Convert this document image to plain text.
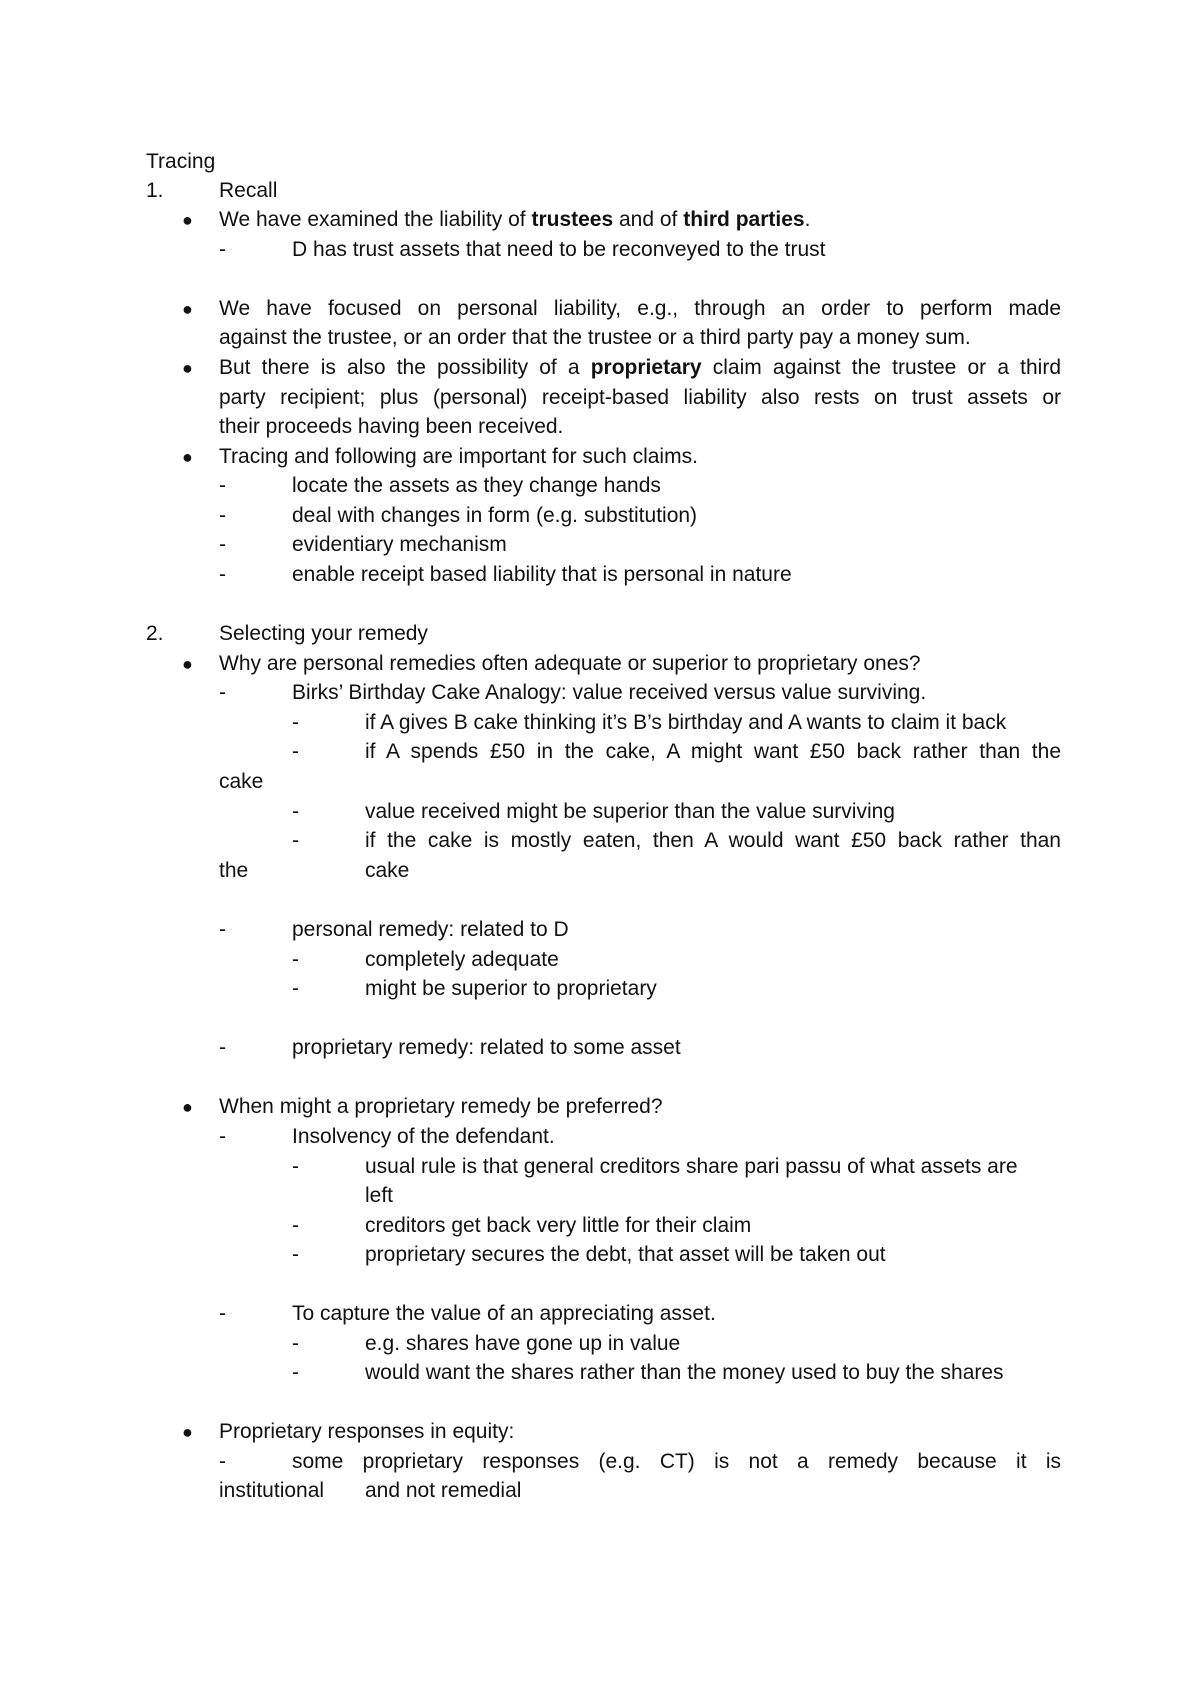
Tracing
1.	Recall
● We have examined the liability of trustees and of third parties.
-	D has trust assets that need to be reconveyed to the trust
● We have focused on personal liability, e.g., through an order to perform made
against the trustee, or an order that the trustee or a third party pay a money sum.
● But there is also the possibility of a proprietary claim against the trustee or a third
party recipient; plus (personal) receipt-based liability also rests on trust assets or
their proceeds having been received.
● Tracing and following are important for such claims.
-	locate the assets as they change hands
-	deal with changes in form (e.g. substitution)
-	evidentiary mechanism
-	enable receipt based liability that is personal in nature
2.	Selecting your remedy
● Why are personal remedies often adequate or superior to proprietary ones?
-	Birks’ Birthday Cake Analogy: value received versus value surviving.
-	if A gives B cake thinking it’s B’s birthday and A wants to claim it back
-	if A spends £50 in the cake, A might want £50 back rather than the
cake
-	value received might be superior than the value surviving
-	if the cake is mostly eaten, then A would want £50 back rather than
the	cake
-	personal remedy: related to D
-	completely adequate
-	might be superior to proprietary
-	proprietary remedy: related to some asset
● When might a proprietary remedy be preferred?
-	Insolvency of the defendant.
-	usual rule is that general creditors share pari passu of what assets are
left
-	creditors get back very little for their claim
-	proprietary secures the debt, that asset will be taken out
-	To capture the value of an appreciating asset.
-	e.g. shares have gone up in value
-	would want the shares rather than the money used to buy the shares
● Proprietary responses in equity:
-	some proprietary responses (e.g. CT) is not a remedy because it is
institutional and not remedial
